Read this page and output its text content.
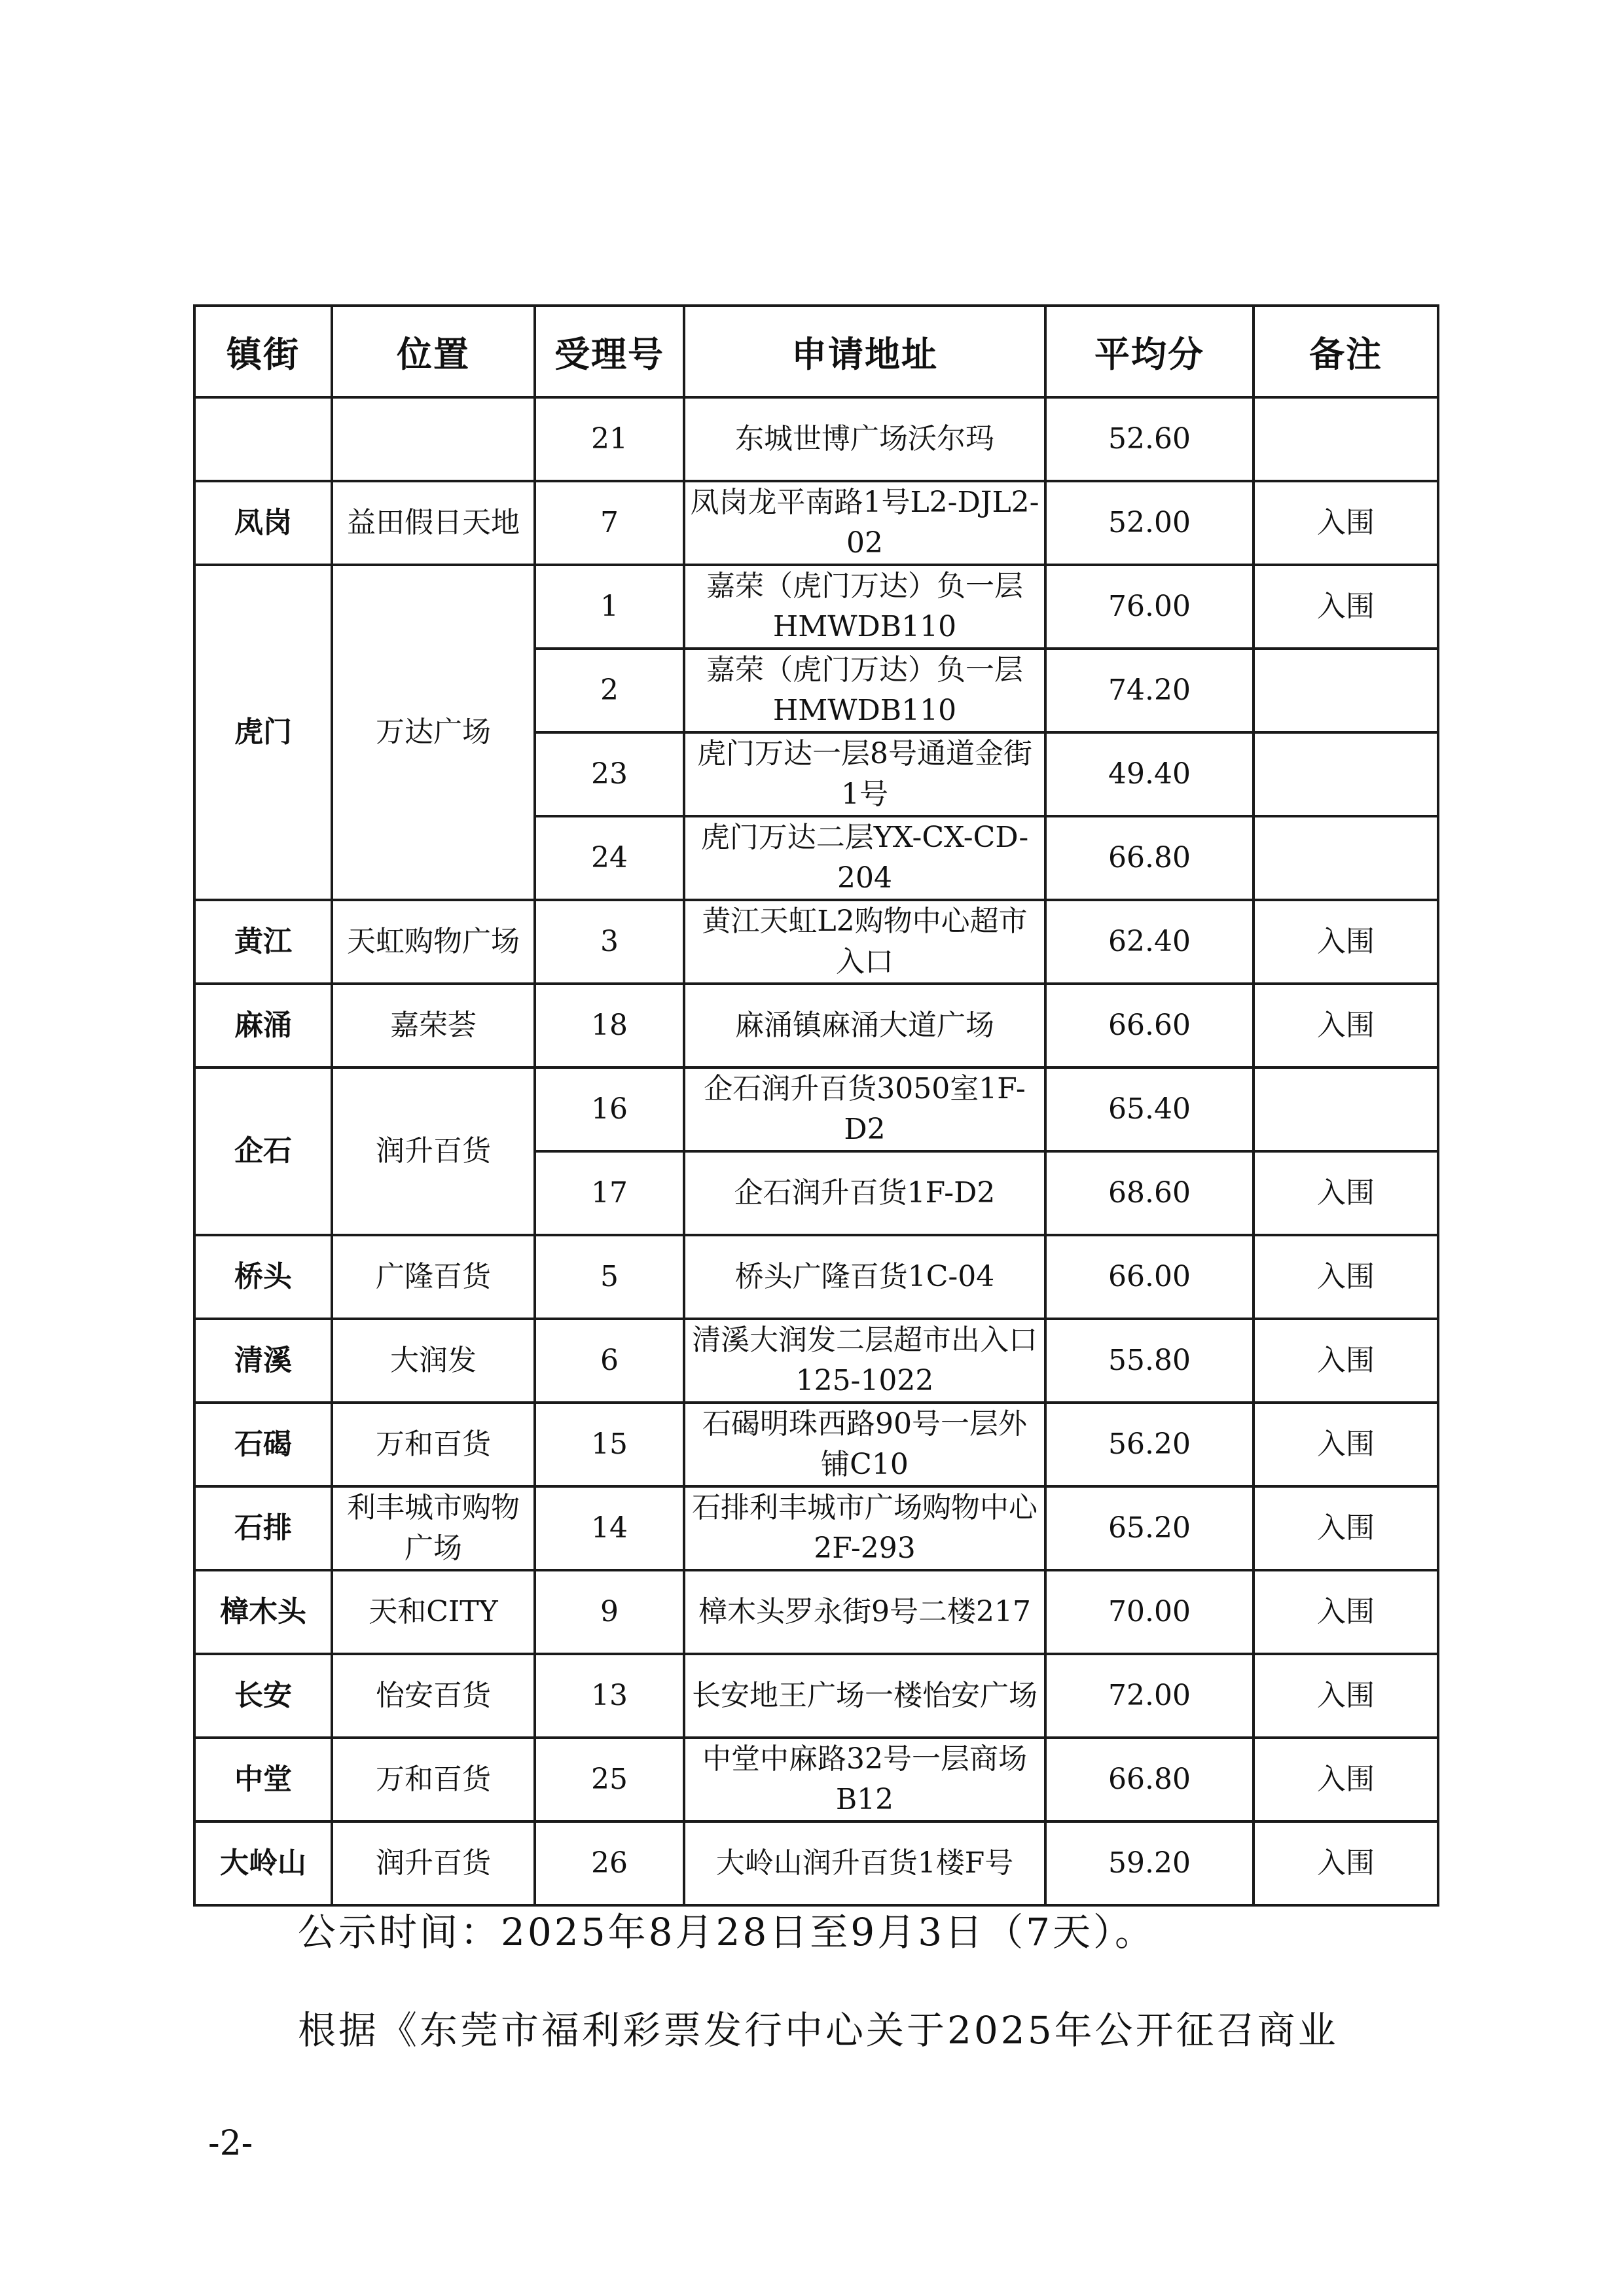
镇街	位置	受理号	申请地址	平均分	备注
		21	东城世博广场沃尔玛	52.60	
凤岗	益田假日天地	7	凤岗龙平南路1号L2-DJL2-02	52.00	入围
虎门	万达广场	1	嘉荣（虎门万达）负一层 HMWDB110	76.00	入围
		2	嘉荣（虎门万达）负一层 HMWDB110	74.20	
		23	虎门万达一层8号通道金街1号	49.40	
		24	虎门万达二层YX-CX-CD-204	66.80	
黄江	天虹购物广场	3	黄江天虹L2购物中心超市入口	62.40	入围
麻涌	嘉荣荟	18	麻涌镇麻涌大道广场	66.60	入围
企石	润升百货	16	企石润升百货3050室1F-D2	65.40	
		17	企石润升百货1F-D2	68.60	入围
桥头	广隆百货	5	桥头广隆百货1C-04	66.00	入围
清溪	大润发	6	清溪大润发二层超市出入口125-1022	55.80	入围
石碣	万和百货	15	石碣明珠西路90号一层外铺C10	56.20	入围
石排	利丰城市购物广场	14	石排利丰城市广场购物中心2F-293	65.20	入围
樟木头	天和CITY	9	樟木头罗永街9号二楼217	70.00	入围
长安	怡安百货	13	长安地王广场一楼怡安广场	72.00	入围
中堂	万和百货	25	中堂中麻路32号一层商场B12	66.80	入围
大岭山	润升百货	26	大岭山润升百货1楼F号	59.20	入围
公示时间：2025年8月28日至9月3日（7天）。
根据《东莞市福利彩票发行中心关于2025年公开征召商业
-2-
